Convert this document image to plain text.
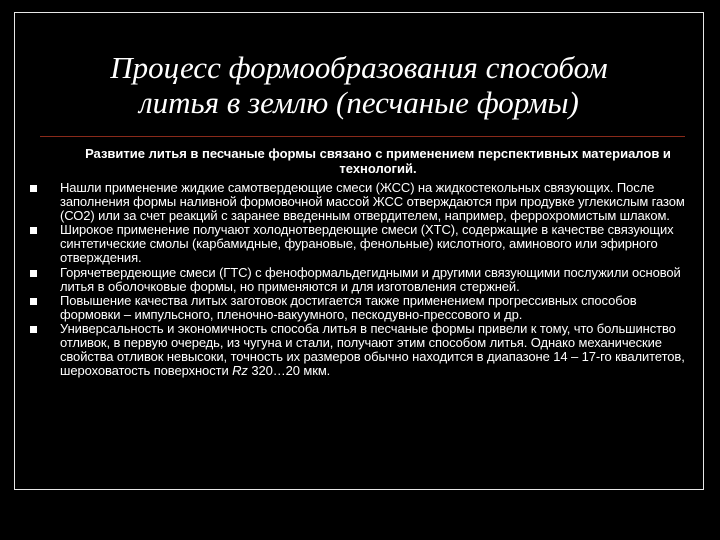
Процесс формообразования способом
литья в землю (песчаные формы)

Развитие литья в песчаные формы связано с применением перспективных материалов и технологий.

Нашли применение жидкие самотвердеющие смеси (ЖСС) на жидкостекольных связующих. После заполнения формы наливной формовочной массой ЖСС отверждаются при продувке углекислым газом (СО2) или за счет реакций с заранее введенным отвердителем, например, феррохромистым шлаком.
Широкое применение получают холоднотвердеющие смеси (ХТС), содержащие в качестве связующих синтетические смолы (карбамидные, фурановые, фенольные) кислотного, аминового или эфирного отверждения.
Горячетвердеющие смеси (ГТС) с феноформальдегидными и другими связующими послужили основой литья в оболочковые формы, но применяются и для изготовления стержней.
Повышение качества литых заготовок достигается также применением прогрессивных способов формовки – импульсного, пленочно-вакуумного, пескодувно-прессового и др.
Универсальность и экономичность способа литья в песчаные формы привели к тому, что большинство отливок, в первую очередь, из чугуна и стали, получают этим способом литья. Однако механические свойства отливок невысоки, точность их размеров обычно находится в диапазоне 14 – 17-го квалитетов, шероховатость поверхности Rz 320…20 мкм.
